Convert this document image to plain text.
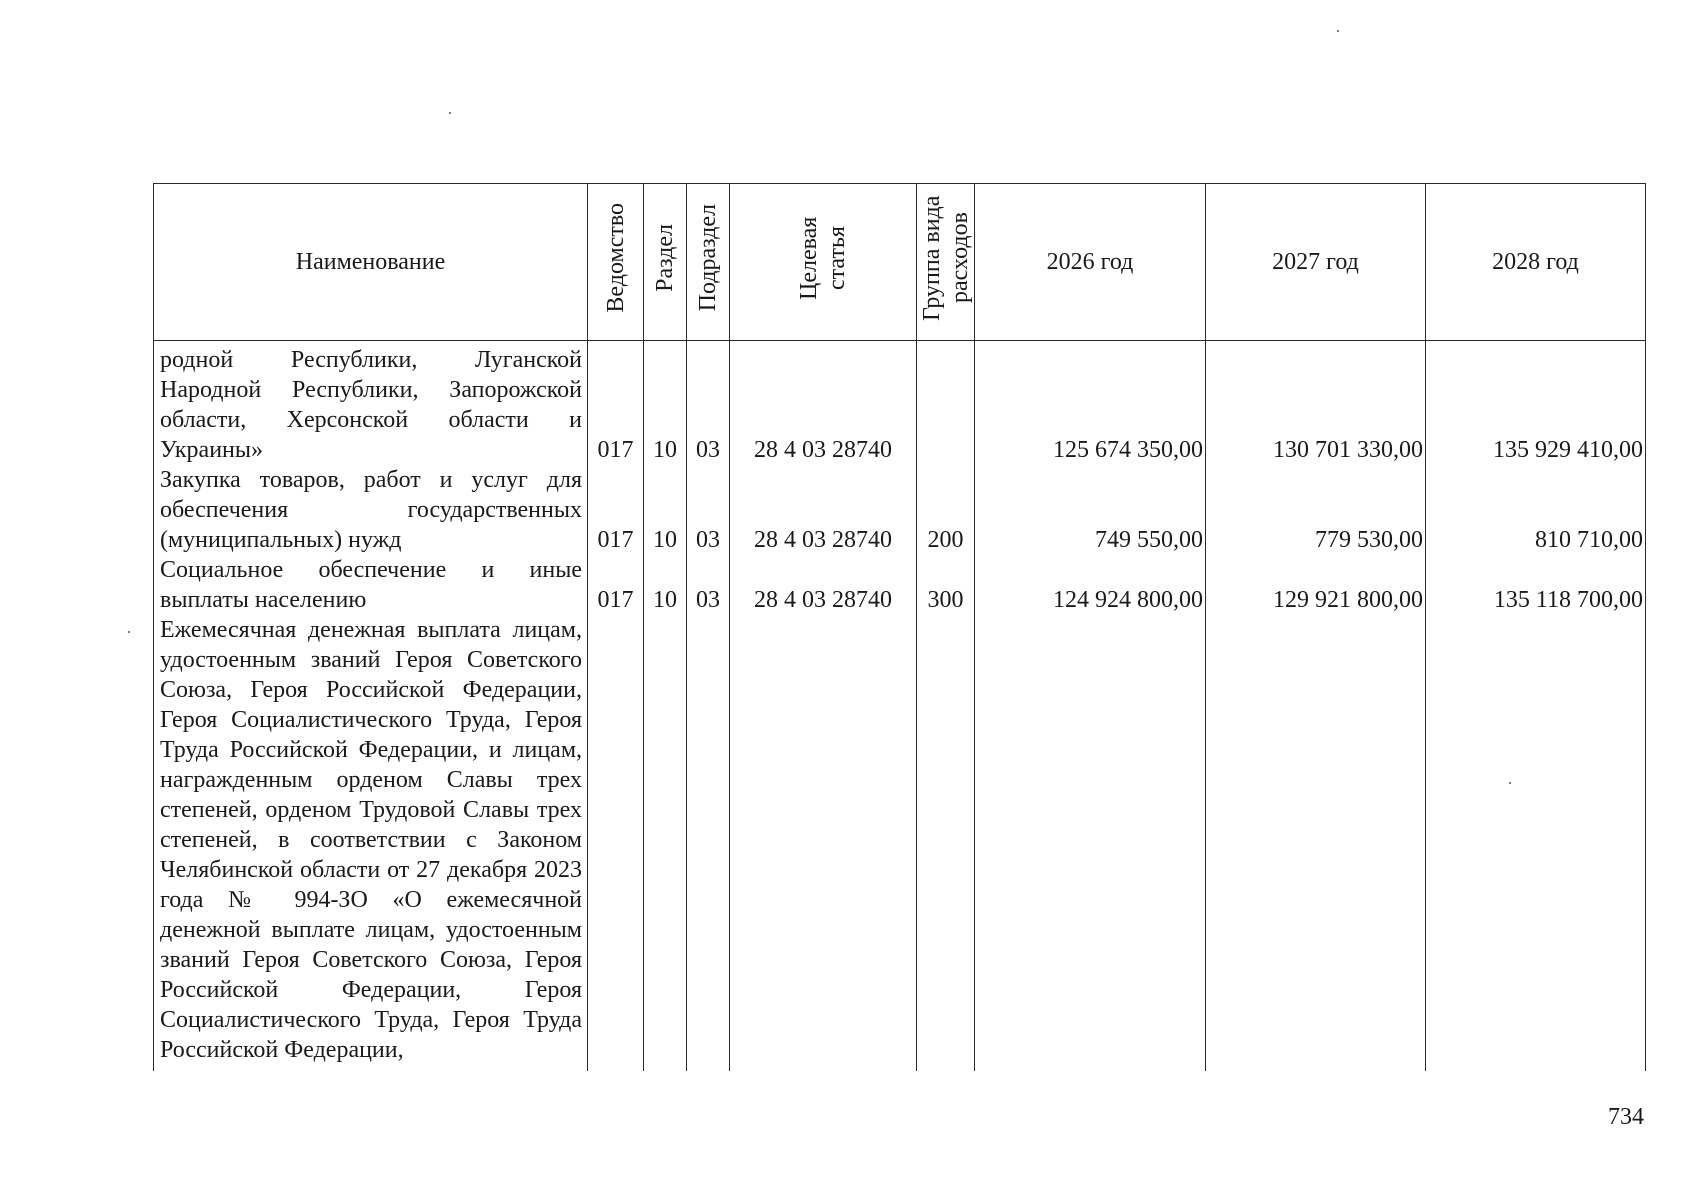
Наименование	Ведомство	Раздел	Подраздел	Целевая статья	Группа вида расходов	2026 год	2027 год	2028 год
родной Республики, Луганской Народной Республики, Запорожской области, Херсонской области и Украины»	017	10	03	28 4 03 28740		125 674 350,00	130 701 330,00	135 929 410,00
Закупка товаров, работ и услуг для обеспечения государственных (муниципальных) нужд	017	10	03	28 4 03 28740	200	749 550,00	779 530,00	810 710,00
Социальное обеспечение и иные выплаты населению	017	10	03	28 4 03 28740	300	124 924 800,00	129 921 800,00	135 118 700,00
Ежемесячная денежная выплата лицам, удостоенным званий Героя Советского Союза, Героя Российской Федерации, Героя Социалистического Труда, Героя Труда Российской Федерации, и лицам, награжденным орденом Славы трех степеней, орденом Трудовой Славы трех степеней, в соответствии с Законом Челябинской области от 27 декабря 2023 года № 994-ЗО «О ежемесячной денежной выплате лицам, удостоенным званий Героя Советского Союза, Героя Российской Федерации, Героя Социалистического Труда, Героя Труда Российской Федерации,								

734
